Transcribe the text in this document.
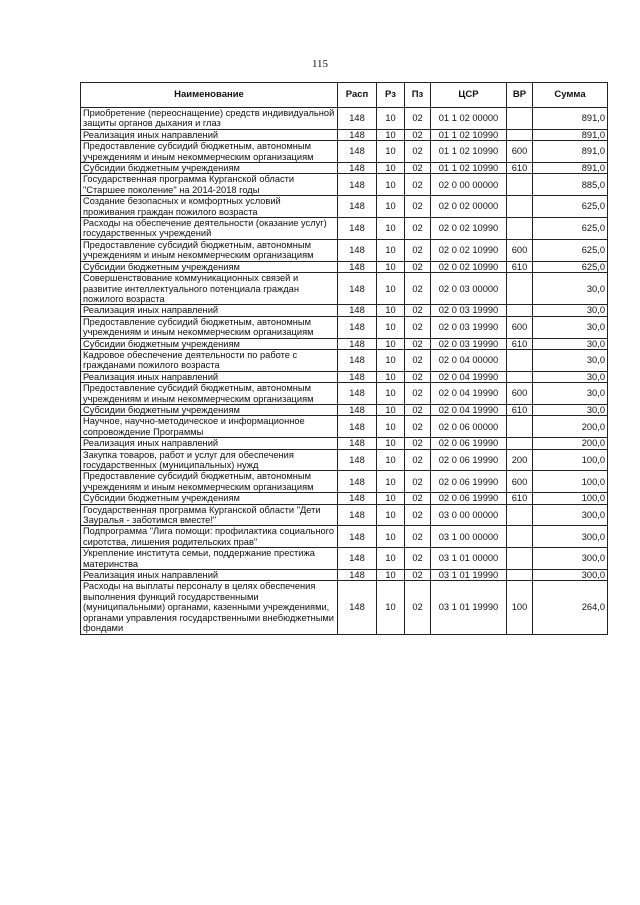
115
Наименование	Расп	Рз	Пз	ЦСР	ВР	Сумма
Приобретение (переоснащение) средств индивидуальной защиты органов дыхания и глаз	148	10	02	01 1 02 00000		891,0
Реализация иных направлений	148	10	02	01 1 02 10990		891,0
Предоставление субсидий бюджетным, автономным учреждениям и иным некоммерческим организациям	148	10	02	01 1 02 10990	600	891,0
Субсидии бюджетным учреждениям	148	10	02	01 1 02 10990	610	891,0
Государственная программа Курганской области "Старшее поколение" на 2014-2018 годы	148	10	02	02 0 00 00000		885,0
Создание безопасных и комфортных условий проживания граждан пожилого возраста	148	10	02	02 0 02 00000		625,0
Расходы на обеспечение деятельности (оказание услуг) государственных учреждений	148	10	02	02 0 02 10990		625,0
Предоставление субсидий бюджетным, автономным учреждениям и иным некоммерческим организациям	148	10	02	02 0 02 10990	600	625,0
Субсидии бюджетным учреждениям	148	10	02	02 0 02 10990	610	625,0
Совершенствование коммуникационных связей и развитие интеллектуального потенциала граждан пожилого возраста	148	10	02	02 0 03 00000		30,0
Реализация иных направлений	148	10	02	02 0 03 19990		30,0
Предоставление субсидий бюджетным, автономным учреждениям и иным некоммерческим организациям	148	10	02	02 0 03 19990	600	30,0
Субсидии бюджетным учреждениям	148	10	02	02 0 03 19990	610	30,0
Кадровое обеспечение деятельности по работе с гражданами пожилого возраста	148	10	02	02 0 04 00000		30,0
Реализация иных направлений	148	10	02	02 0 04 19990		30,0
Предоставление субсидий бюджетным, автономным учреждениям и иным некоммерческим организациям	148	10	02	02 0 04 19990	600	30,0
Субсидии бюджетным учреждениям	148	10	02	02 0 04 19990	610	30,0
Научное, научно-методическое и информационное сопровождение Программы	148	10	02	02 0 06 00000		200,0
Реализация иных направлений	148	10	02	02 0 06 19990		200,0
Закупка товаров, работ и услуг для обеспечения государственных (муниципальных) нужд	148	10	02	02 0 06 19990	200	100,0
Предоставление субсидий бюджетным, автономным учреждениям и иным некоммерческим организациям	148	10	02	02 0 06 19990	600	100,0
Субсидии бюджетным учреждениям	148	10	02	02 0 06 19990	610	100,0
Государственная программа Курганской области "Дети Зауралья - заботимся вместе!"	148	10	02	03 0 00 00000		300,0
Подпрограмма "Лига помощи: профилактика социального сиротства, лишения родительских прав"	148	10	02	03 1 00 00000		300,0
Укрепление института семьи, поддержание престижа материнства	148	10	02	03 1 01 00000		300,0
Реализация иных направлений	148	10	02	03 1 01 19990		300,0
Расходы на выплаты персоналу в целях обеспечения выполнения функций государственными (муниципальными) органами, казенными учреждениями, органами управления государственными внебюджетными фондами	148	10	02	03 1 01 19990	100	264,0
